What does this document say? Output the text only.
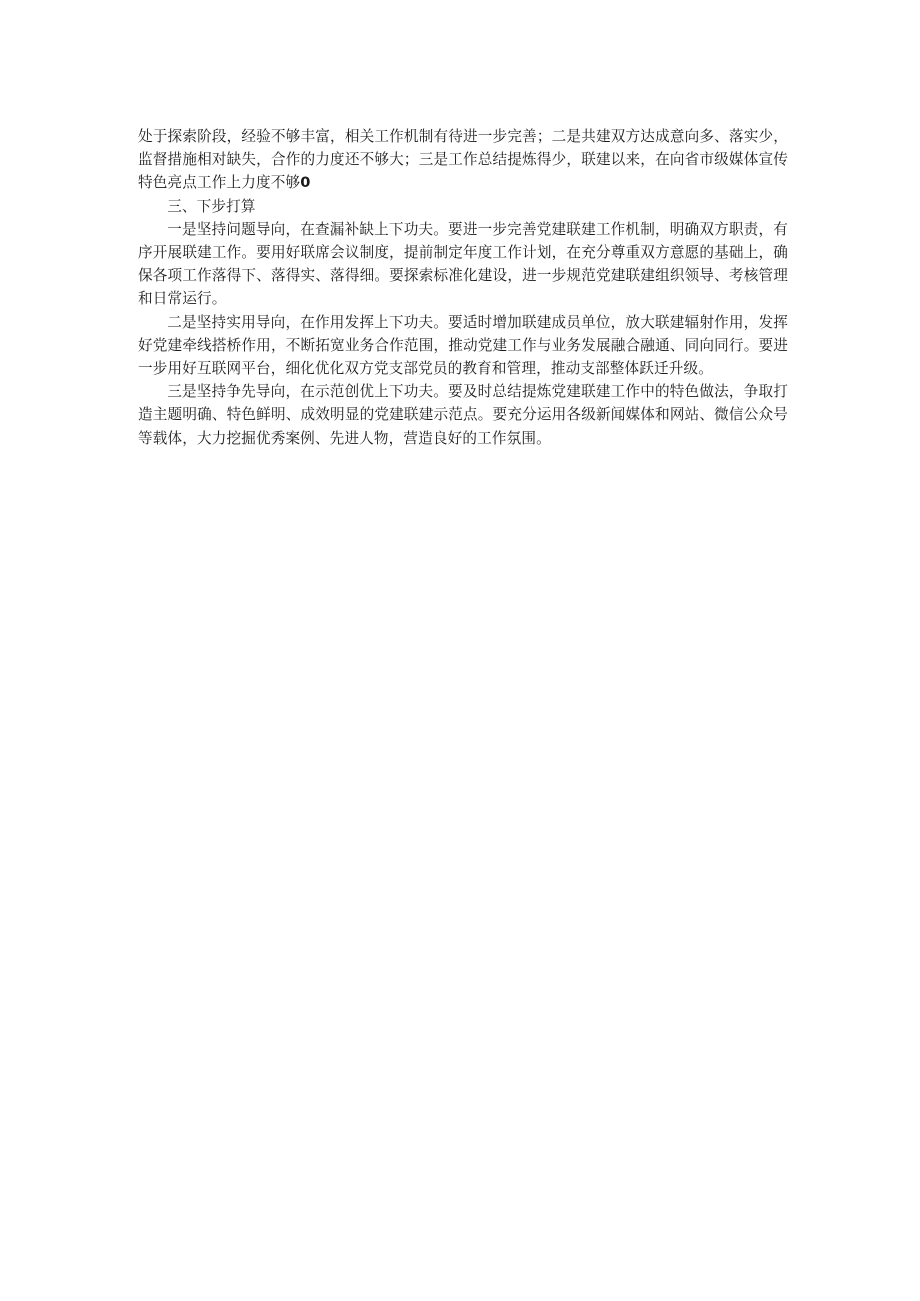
处于探索阶段，经验不够丰富，相关工作机制有待进一步完善；二是共建双方达成意向多、落实少，监督措施相对缺失，合作的力度还不够大；三是工作总结提炼得少，联建以来，在向省市级媒体宣传特色亮点工作上力度不够0

三、下步打算

一是坚持问题导向，在查漏补缺上下功夫。要进一步完善党建联建工作机制，明确双方职责，有序开展联建工作。要用好联席会议制度，提前制定年度工作计划，在充分尊重双方意愿的基础上，确保各项工作落得下、落得实、落得细。要探索标准化建设，进一步规范党建联建组织领导、考核管理和日常运行。

二是坚持实用导向，在作用发挥上下功夫。要适时增加联建成员单位，放大联建辐射作用，发挥好党建牵线搭桥作用，不断拓宽业务合作范围，推动党建工作与业务发展融合融通、同向同行。要进一步用好互联网平台，细化优化双方党支部党员的教育和管理，推动支部整体跃迁升级。

三是坚持争先导向，在示范创优上下功夫。要及时总结提炼党建联建工作中的特色做法，争取打造主题明确、特色鲜明、成效明显的党建联建示范点。要充分运用各级新闻媒体和网站、微信公众号等载体，大力挖掘优秀案例、先进人物，营造良好的工作氛围。
